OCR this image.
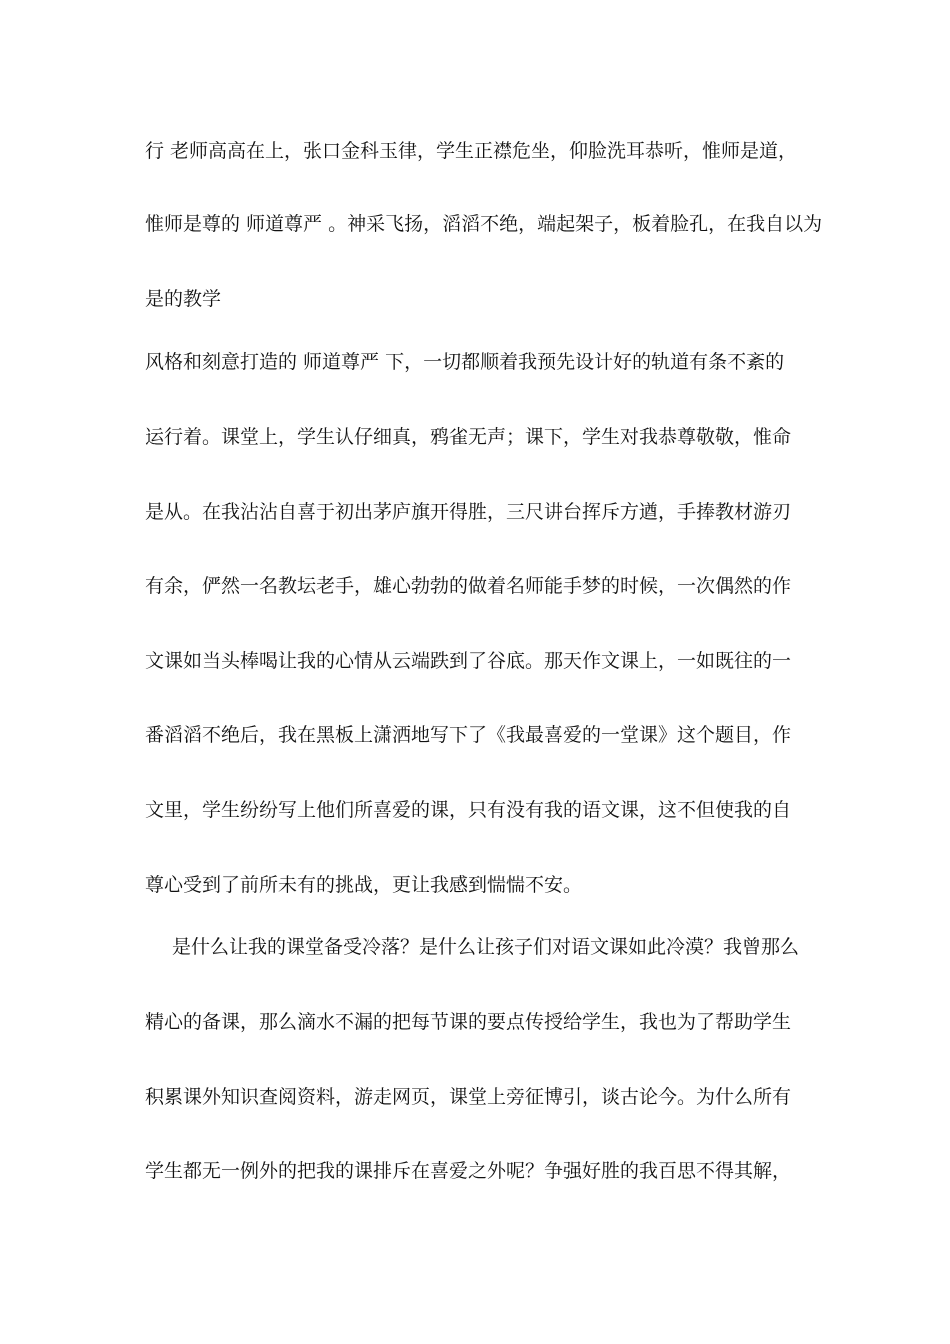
行 老师高高在上，张口金科玉律，学生正襟危坐，仰脸洗耳恭听，惟师是道，
惟师是尊的 师道尊严 。神采飞扬，滔滔不绝，端起架子，板着脸孔，在我自以为
是的教学
风格和刻意打造的 师道尊严 下，一切都顺着我预先设计好的轨道有条不紊的
运行着。课堂上，学生认仔细真，鸦雀无声；课下，学生对我恭尊敬敬，惟命
是从。在我沾沾自喜于初出茅庐旗开得胜，三尺讲台挥斥方遒，手捧教材游刃
有余，俨然一名教坛老手，雄心勃勃的做着名师能手梦的时候，一次偶然的作
文课如当头棒喝让我的心情从云端跌到了谷底。那天作文课上，一如既往的一
番滔滔不绝后，我在黑板上潇洒地写下了《我最喜爱的一堂课》这个题目，作
文里，学生纷纷写上他们所喜爱的课，只有没有我的语文课，这不但使我的自
尊心受到了前所未有的挑战，更让我感到惴惴不安。
是什么让我的课堂备受冷落？是什么让孩子们对语文课如此冷漠？我曾那么
精心的备课，那么滴水不漏的把每节课的要点传授给学生，我也为了帮助学生
积累课外知识查阅资料，游走网页，课堂上旁征博引，谈古论今。为什么所有
学生都无一例外的把我的课排斥在喜爱之外呢？争强好胜的我百思不得其解，
